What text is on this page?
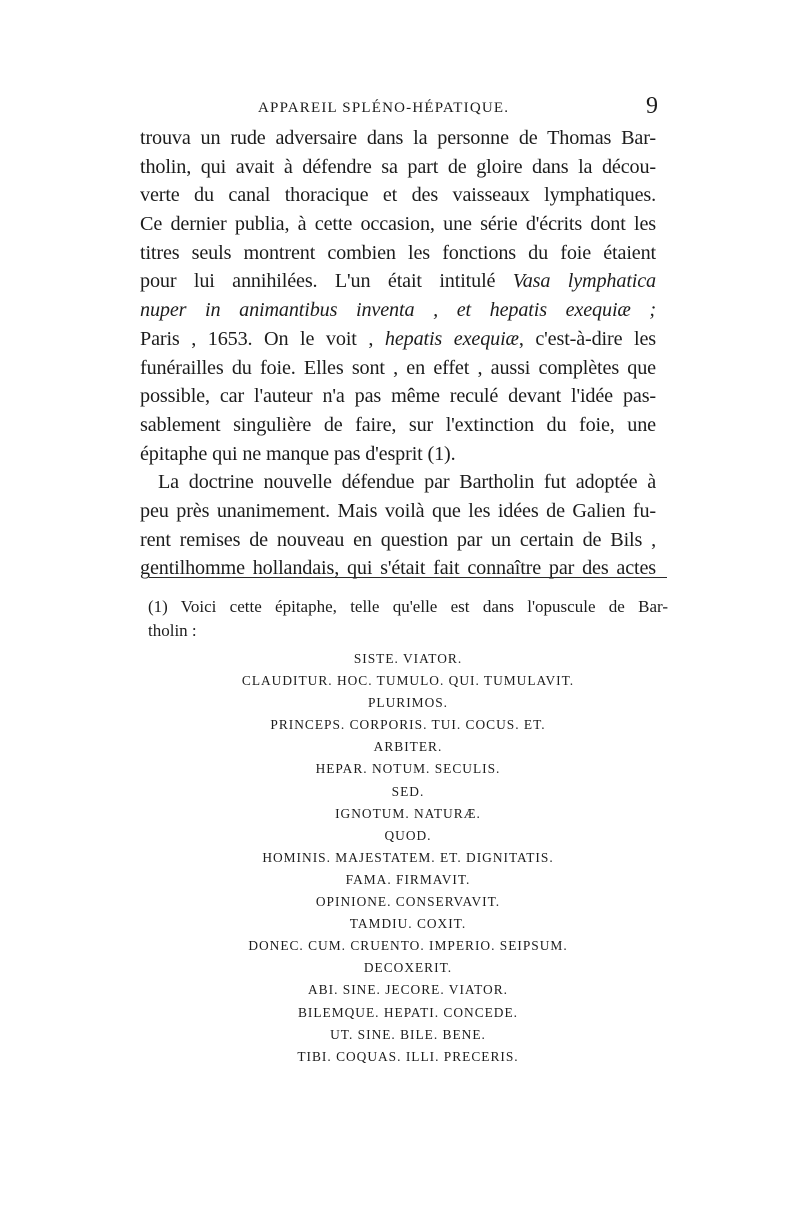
APPAREIL SPLÉNO-HÉPATIQUE.	9
trouva un rude adversaire dans la personne de Thomas Bar-
tholin, qui avait à défendre sa part de gloire dans la décou-
verte du canal thoracique et des vaisseaux lymphatiques.
Ce dernier publia, à cette occasion, une série d'écrits dont les
titres seuls montrent combien les fonctions du foie étaient
pour lui annihilées. L'un était intitulé Vasa lymphatica
nuper in animantibus inventa , et hepatis exequiæ ;
Paris , 1653. On le voit , hepatis exequiæ, c'est-à-dire les
funérailles du foie. Elles sont , en effet , aussi complètes que
possible, car l'auteur n'a pas même reculé devant l'idée pas-
sablement singulière de faire, sur l'extinction du foie, une
épitaphe qui ne manque pas d'esprit (1).
La doctrine nouvelle défendue par Bartholin fut adoptée à
peu près unanimement. Mais voilà que les idées de Galien fu-
rent remises de nouveau en question par un certain de Bils ,
gentilhomme hollandais, qui s'était fait connaître par des actes
(1) Voici cette épitaphe, telle qu'elle est dans l'opuscule de Bar-
tholin :
SISTE. VIATOR.
CLAUDITUR. HOC. TUMULO. QUI. TUMULAVIT.
PLURIMOS.
PRINCEPS. CORPORIS. TUI. COCUS. ET.
ARBITER.
HEPAR. NOTUM. SECULIS.
SED.
IGNOTUM. NATURÆ.
QUOD.
HOMINIS. MAJESTATEM. ET. DIGNITATIS.
FAMA. FIRMAVIT.
OPINIONE. CONSERVAVIT.
TAMDIU. COXIT.
DONEC. CUM. CRUENTO. IMPERIO. SEIPSUM.
DECOXERIT.
ABI. SINE. JECORE. VIATOR.
BILEMQUE. HEPATI. CONCEDE.
UT. SINE. BILE. BENE.
TIBI. COQUAS. ILLI. PRECERIS.
